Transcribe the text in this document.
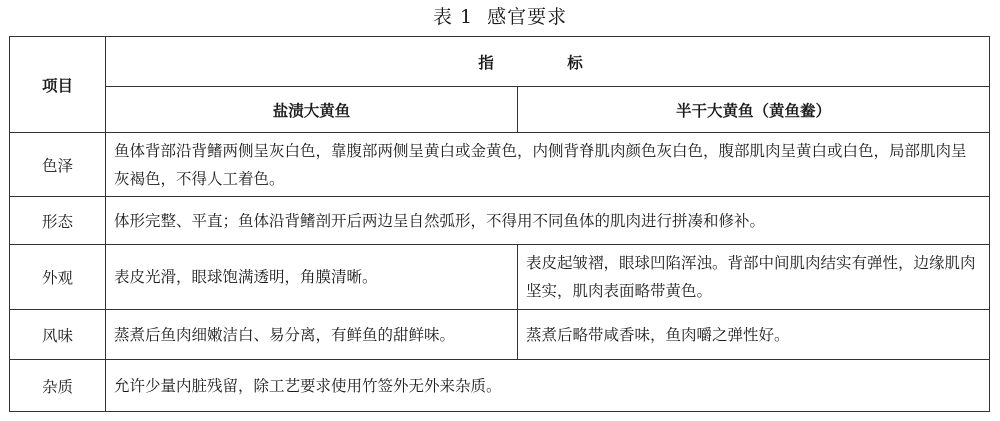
表 1 感官要求
项目	指 标	
	盐渍大黄鱼	半干大黄鱼（黄鱼鲞）
色泽	鱼体背部沿背鳍两侧呈灰白色，靠腹部两侧呈黄白或金黄色，内侧背脊肌肉颜色灰白色，腹部肌肉呈黄白或白色，局部肌肉呈灰褐色，不得人工着色。	
形态	体形完整、平直；鱼体沿背鳍剖开后两边呈自然弧形，不得用不同鱼体的肌肉进行拼凑和修补。	
外观	表皮光滑，眼球饱满透明，角膜清晰。	表皮起皱褶，眼球凹陷浑浊。背部中间肌肉结实有弹性，边缘肌肉坚实，肌肉表面略带黄色。
风味	蒸煮后鱼肉细嫩洁白、易分离，有鲜鱼的甜鲜味。	蒸煮后略带咸香味，鱼肉嚼之弹性好。
杂质	允许少量内脏残留，除工艺要求使用竹签外无外来杂质。	
